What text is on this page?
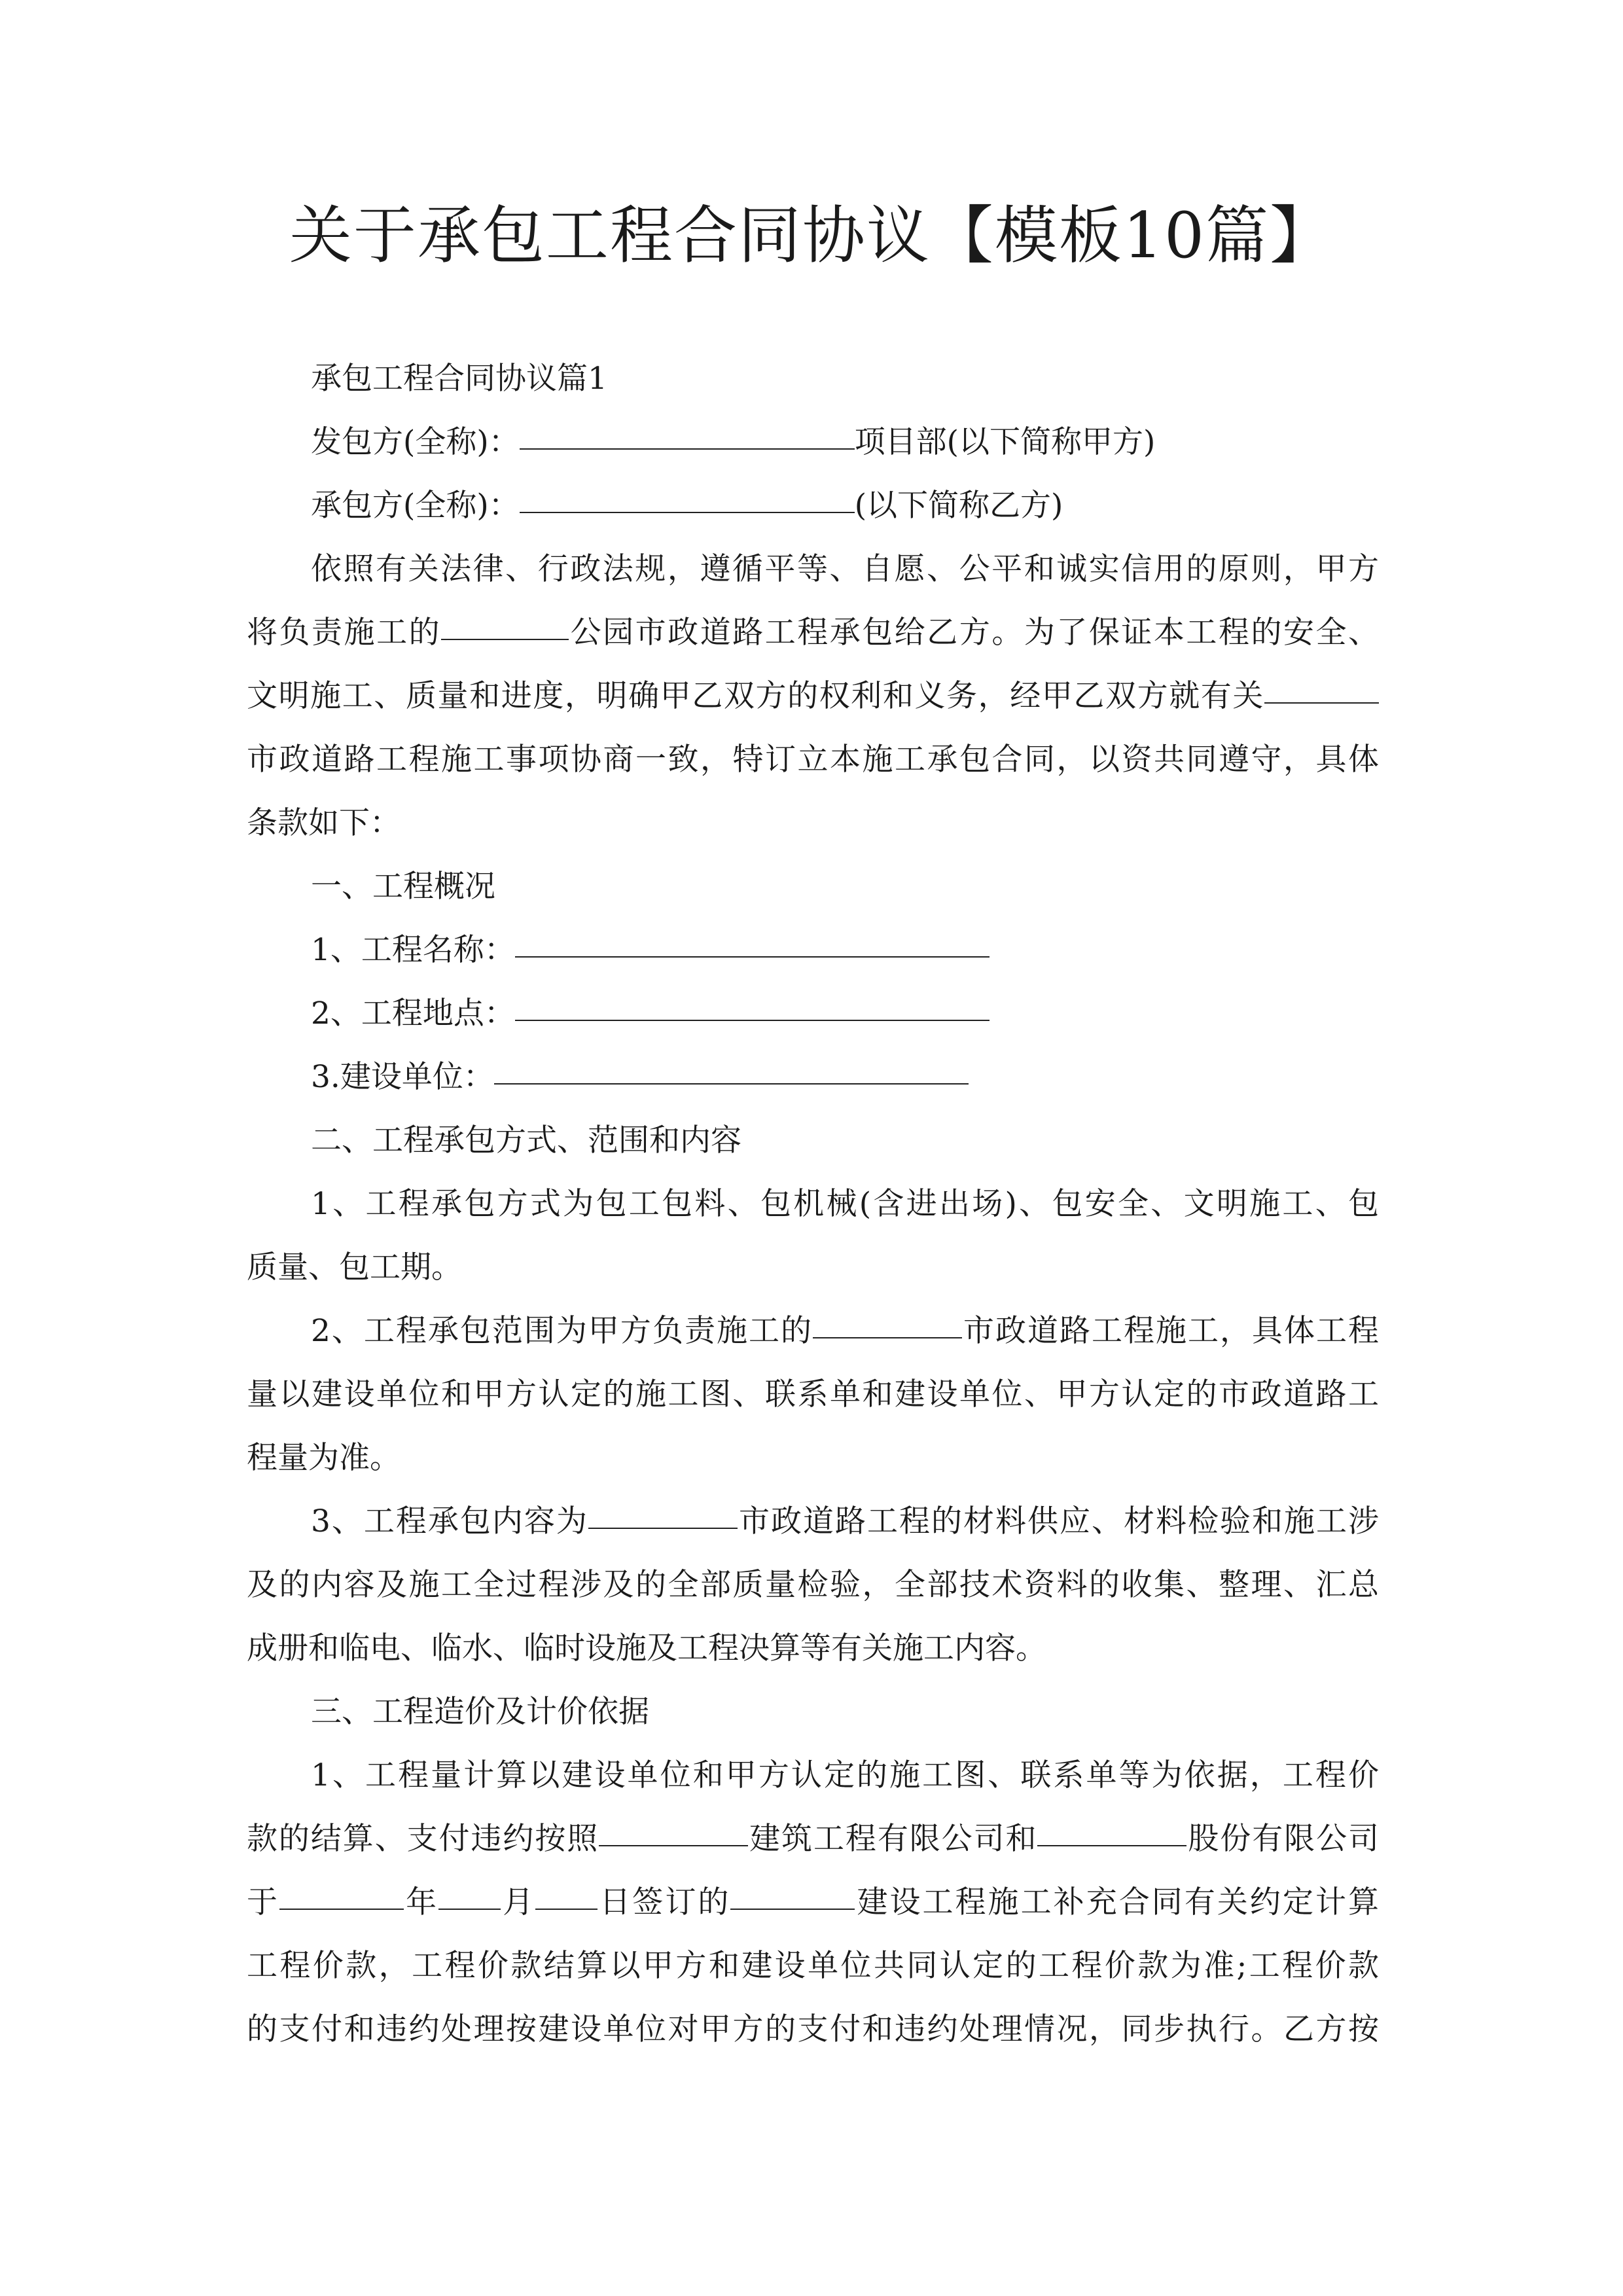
关于承包工程合同协议【模板10篇】
承包工程合同协议篇1
发包方(全称)：	项目部(以下简称甲方)
承包方(全称)：	(以下简称乙方)
依照有关法律、行政法规，遵循平等、自愿、公平和诚实信用的原则，甲方
将负责施工的	公园市政道路工程承包给乙方。为了保证本工程的安全、
文明施工、质量和进度，明确甲乙双方的权利和义务，经甲乙双方就有关
市政道路工程施工事项协商一致，特订立本施工承包合同，以资共同遵守，具体
条款如下：
一、工程概况
1、工程名称：
2、工程地点：
3.建设单位：
二、工程承包方式、范围和内容
1、工程承包方式为包工包料、包机械(含进出场)、包安全、文明施工、包
质量、包工期。
2、工程承包范围为甲方负责施工的	市政道路工程施工，具体工程
量以建设单位和甲方认定的施工图、联系单和建设单位、甲方认定的市政道路工
程量为准。
3、工程承包内容为	市政道路工程的材料供应、材料检验和施工涉
及的内容及施工全过程涉及的全部质量检验，全部技术资料的收集、整理、汇总
成册和临电、临水、临时设施及工程决算等有关施工内容。
三、工程造价及计价依据
1、工程量计算以建设单位和甲方认定的施工图、联系单等为依据，工程价
款的结算、支付违约按照	建筑工程有限公司和	股份有限公司
于	年 月 日签订的	建设工程施工补充合同有关约定计算
工程价款，工程价款结算以甲方和建设单位共同认定的工程价款为准;工程价款
的支付和违约处理按建设单位对甲方的支付和违约处理情况，同步执行。乙方按
